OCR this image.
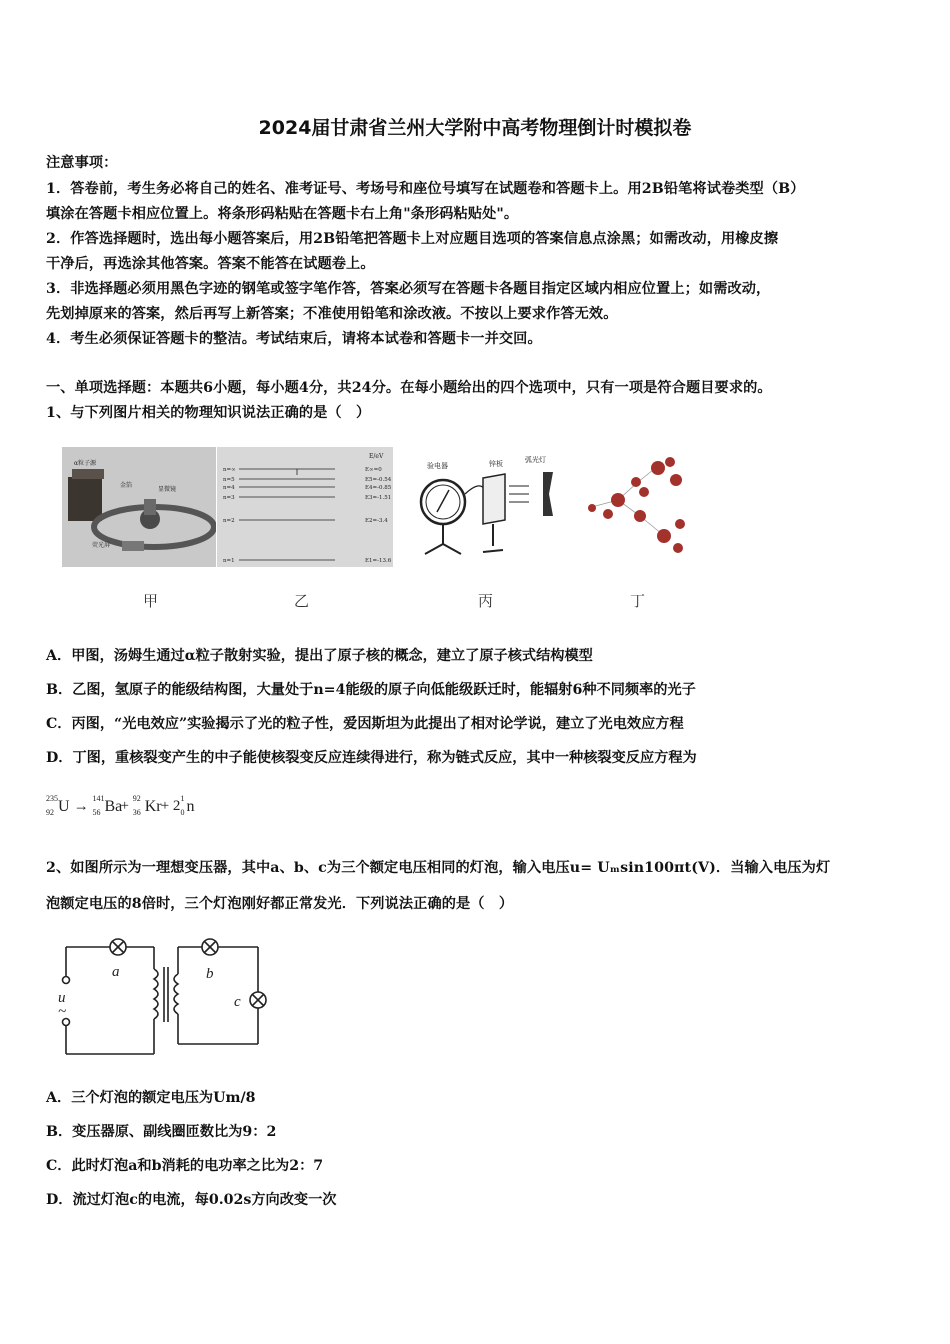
2024届甘肃省兰州大学附中高考物理倒计时模拟卷
注意事项：
1．答卷前，考生务必将自己的姓名、准考证号、考场号和座位号填写在试题卷和答题卡上。用2B铅笔将试卷类型（B）
填涂在答题卡相应位置上。将条形码粘贴在答题卡右上角"条形码粘贴处"。
2．作答选择题时，选出每小题答案后，用2B铅笔把答题卡上对应题目选项的答案信息点涂黑；如需改动，用橡皮擦
干净后，再选涂其他答案。答案不能答在试题卷上。
3．非选择题必须用黑色字迹的钢笔或签字笔作答，答案必须写在答题卡各题目指定区域内相应位置上；如需改动，
先划掉原来的答案，然后再写上新答案；不准使用铅笔和涂改液。不按以上要求作答无效。
4．考生必须保证答题卡的整洁。考试结束后，请将本试卷和答题卡一并交回。
一、单项选择题：本题共6小题，每小题4分，共24分。在每小题给出的四个选项中，只有一项是符合题目要求的。
1、与下列图片相关的物理知识说法正确的是（　）
α粒子源
金箔
显微镜
荧光屏
E/eV
n=∞
n=5
n=4
n=3
n=2
n=1
E∞=0
E5=-0.54
E4=-0.85
E3=-1.51
E2=-3.4
E1=-13.6
验电器	锌板	弧光灯
甲	乙	丙	丁
A．甲图，汤姆生通过α粒子散射实验，提出了原子核的概念，建立了原子核式结构模型
B．乙图，氢原子的能级结构图，大量处于n=4能级的原子向低能级跃迁时，能辐射6种不同频率的光子
C．丙图，“光电效应”实验揭示了光的粒子性，爱因斯坦为此提出了相对论学说，建立了光电效应方程
D．丁图，重核裂变产生的中子能使核裂变反应连续得进行，称为链式反应，其中一种核裂变反应方程为
235
92 U → 141
56 Ba
+ 92
36 Kr + 2 1
0 n
2、如图所示为一理想变压器，其中a、b、c为三个额定电压相同的灯泡，输入电压u= Uₘsin100πt(V)．当输入电压为灯
泡额定电压的8倍时，三个灯泡刚好都正常发光．下列说法正确的是（　）
a	b
c
u
~
A．三个灯泡的额定电压为Um/8
B．变压器原、副线圈匝数比为9：2
C．此时灯泡a和b消耗的电功率之比为2：7
D．流过灯泡c的电流，每0.02s方向改变一次
